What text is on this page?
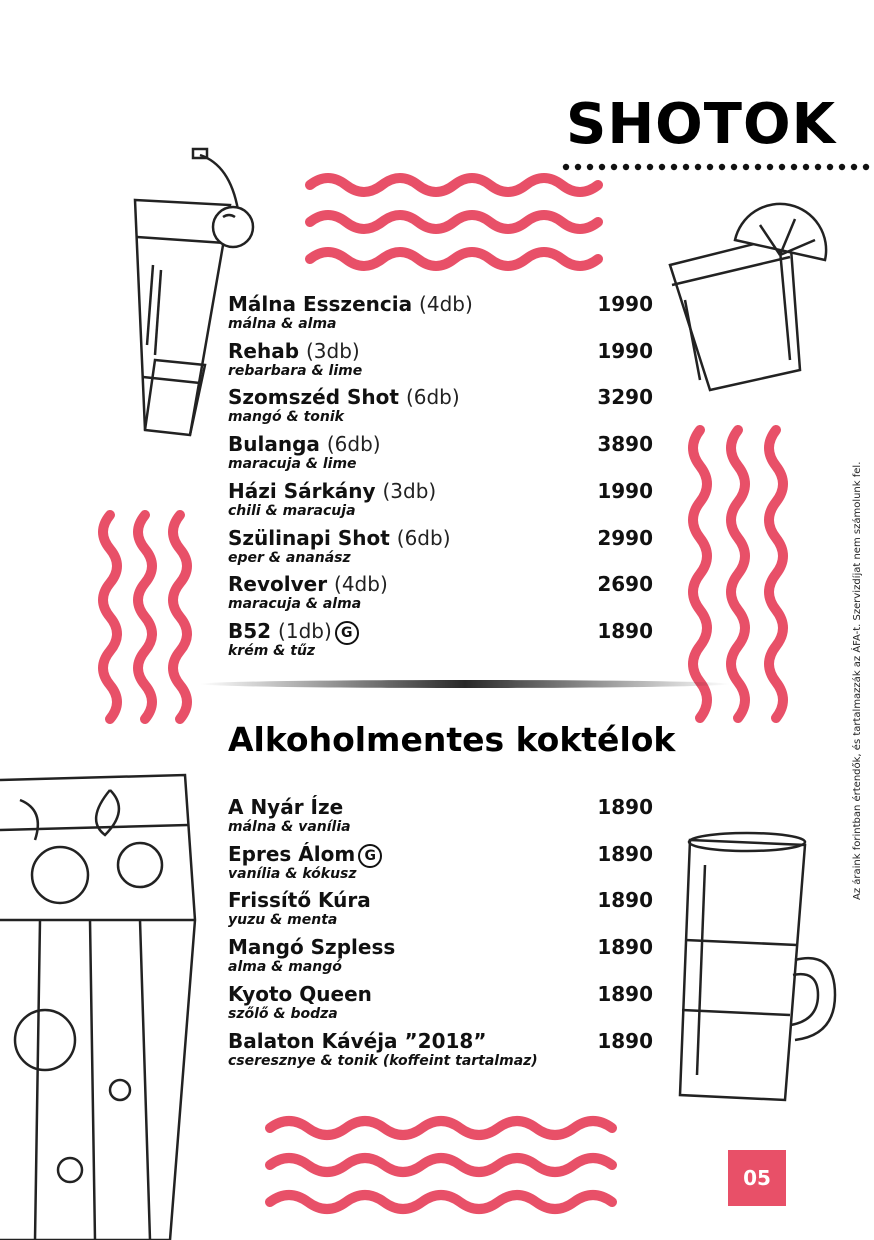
SHOTOK
Málna Esszencia (4db)
málna & alma
1990
Rehab (3db)
rebarbara & lime
1990
Szomszéd Shot (6db)
mangó & tonik
3290
Bulanga (6db)
maracuja & lime
3890
Házi Sárkány (3db)
chili & maracuja
1990
Szülinapi Shot (6db)
eper & ananász
2990
Revolver (4db)
maracuja & alma
2690
B52 (1db) G
krém & tűz
1890
Alkoholmentes koktélok
A Nyár Íze
málna & vanília
1890
Epres Álom G
vanília & kókusz
1890
Frissítő Kúra
yuzu & menta
1890
Mangó Szpless
alma & mangó
1890
Kyoto Queen
szőlő & bodza
1890
Balaton Kávéja ”2018”
cseresznye & tonik (koffeint tartalmaz)
1890
Az áraink forintban értendők, és tartalmazzák az ÁFA-t. Szervizdíjat nem számolunk fel.
05
